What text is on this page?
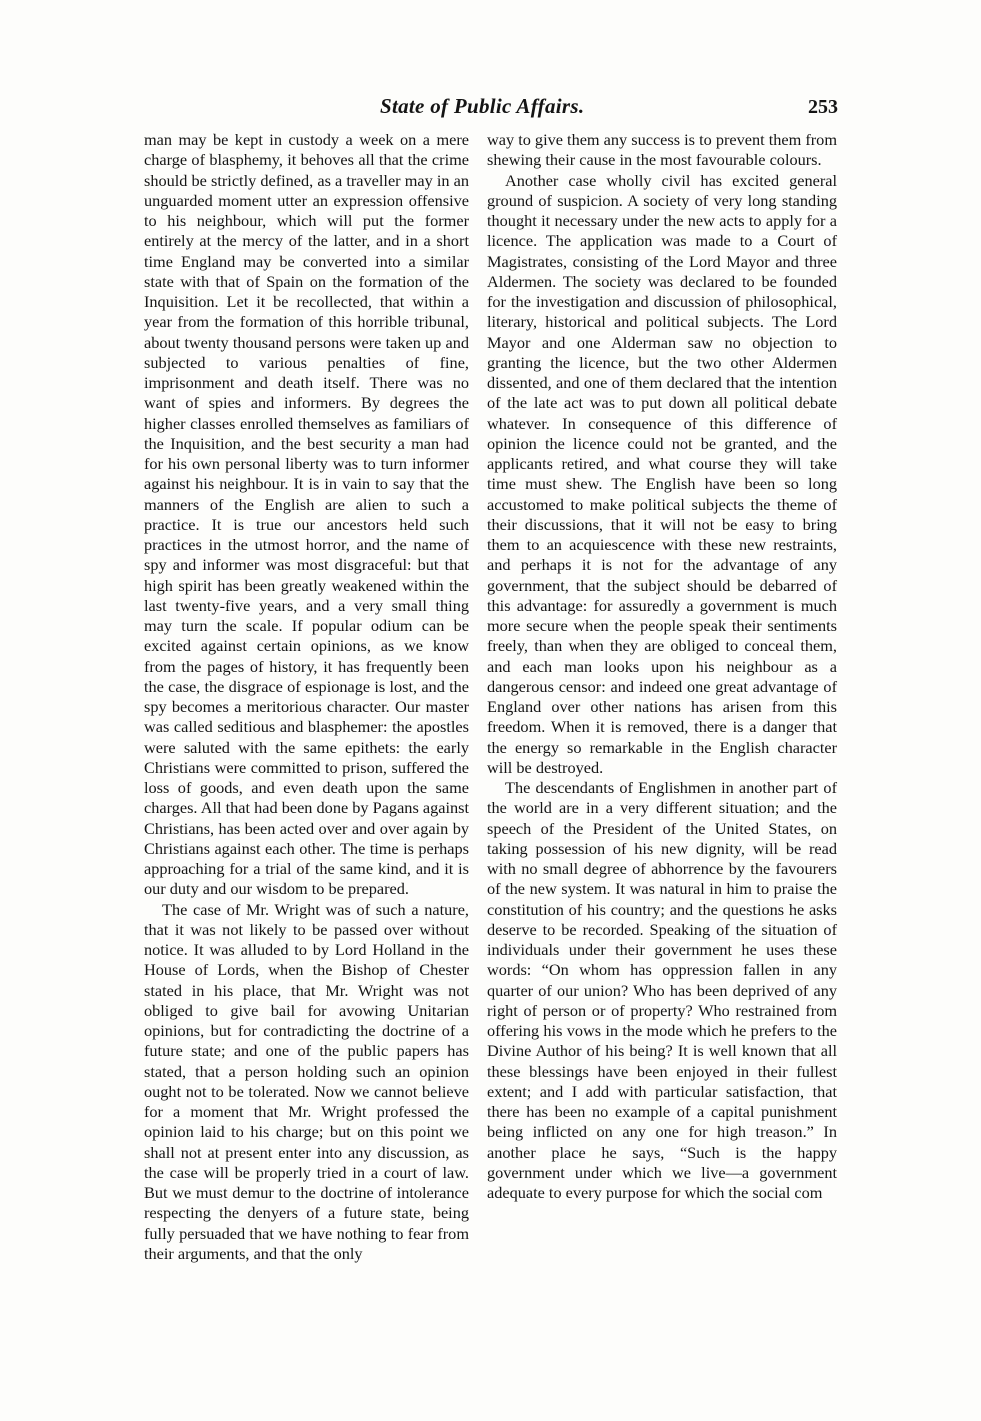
State of Public Affairs.	253

man may be kept in custody a week on a mere charge of blasphemy, it behoves all that the crime should be strictly defined, as a traveller may in an unguarded moment utter an expression offensive to his neighbour, which will put the former entirely at the mercy of the latter, and in a short time England may be converted into a similar state with that of Spain on the formation of the Inquisition. Let it be recollected, that within a year from the formation of this horrible tribunal, about twenty thousand persons were taken up and subjected to various penalties of fine, imprisonment and death itself. There was no want of spies and informers. By degrees the higher classes enrolled themselves as familiars of the Inquisition, and the best security a man had for his own personal liberty was to turn informer against his neighbour. It is in vain to say that the manners of the English are alien to such a practice. It is true our ancestors held such practices in the utmost horror, and the name of spy and informer was most disgraceful: but that high spirit has been greatly weakened within the last twenty-five years, and a very small thing may turn the scale. If popular odium can be excited against certain opinions, as we know from the pages of history, it has frequently been the case, the disgrace of espionage is lost, and the spy becomes a meritorious character. Our master was called seditious and blasphemer: the apostles were saluted with the same epithets: the early Christians were committed to prison, suffered the loss of goods, and even death upon the same charges. All that had been done by Pagans against Christians, has been acted over and over again by Christians against each other. The time is perhaps approaching for a trial of the same kind, and it is our duty and our wisdom to be prepared.

The case of Mr. Wright was of such a nature, that it was not likely to be passed over without notice. It was alluded to by Lord Holland in the House of Lords, when the Bishop of Chester stated in his place, that Mr. Wright was not obliged to give bail for avowing Unitarian opinions, but for contradicting the doctrine of a future state; and one of the public papers has stated, that a person holding such an opinion ought not to be tolerated. Now we cannot believe for a moment that Mr. Wright professed the opinion laid to his charge; but on this point we shall not at present enter into any discussion, as the case will be properly tried in a court of law. But we must demur to the doctrine of intolerance respecting the denyers of a future state, being fully persuaded that we have nothing to fear from their arguments, and that the only

way to give them any success is to prevent them from shewing their cause in the most favourable colours.

Another case wholly civil has excited general ground of suspicion. A society of very long standing thought it necessary under the new acts to apply for a licence. The application was made to a Court of Magistrates, consisting of the Lord Mayor and three Aldermen. The society was declared to be founded for the investigation and discussion of philosophical, literary, historical and political subjects. The Lord Mayor and one Alderman saw no objection to granting the licence, but the two other Aldermen dissented, and one of them declared that the intention of the late act was to put down all political debate whatever. In consequence of this difference of opinion the licence could not be granted, and the applicants retired, and what course they will take time must shew. The English have been so long accustomed to make political subjects the theme of their discussions, that it will not be easy to bring them to an acquiescence with these new restraints, and perhaps it is not for the advantage of any government, that the subject should be debarred of this advantage: for assuredly a government is much more secure when the people speak their sentiments freely, than when they are obliged to conceal them, and each man looks upon his neighbour as a dangerous censor: and indeed one great advantage of England over other nations has arisen from this freedom. When it is removed, there is a danger that the energy so remarkable in the English character will be destroyed.

The descendants of Englishmen in another part of the world are in a very different situation; and the speech of the President of the United States, on taking possession of his new dignity, will be read with no small degree of abhorrence by the favourers of the new system. It was natural in him to praise the constitution of his country; and the questions he asks deserve to be recorded. Speaking of the situation of individuals under their government he uses these words: “On whom has oppression fallen in any quarter of our union? Who has been deprived of any right of person or of property? Who restrained from offering his vows in the mode which he prefers to the Divine Author of his being? It is well known that all these blessings have been enjoyed in their fullest extent; and I add with particular satisfaction, that there has been no example of a capital punishment being inflicted on any one for high treason.” In another place he says, “Such is the happy government under which we live—a government adequate to every purpose for which the social com
